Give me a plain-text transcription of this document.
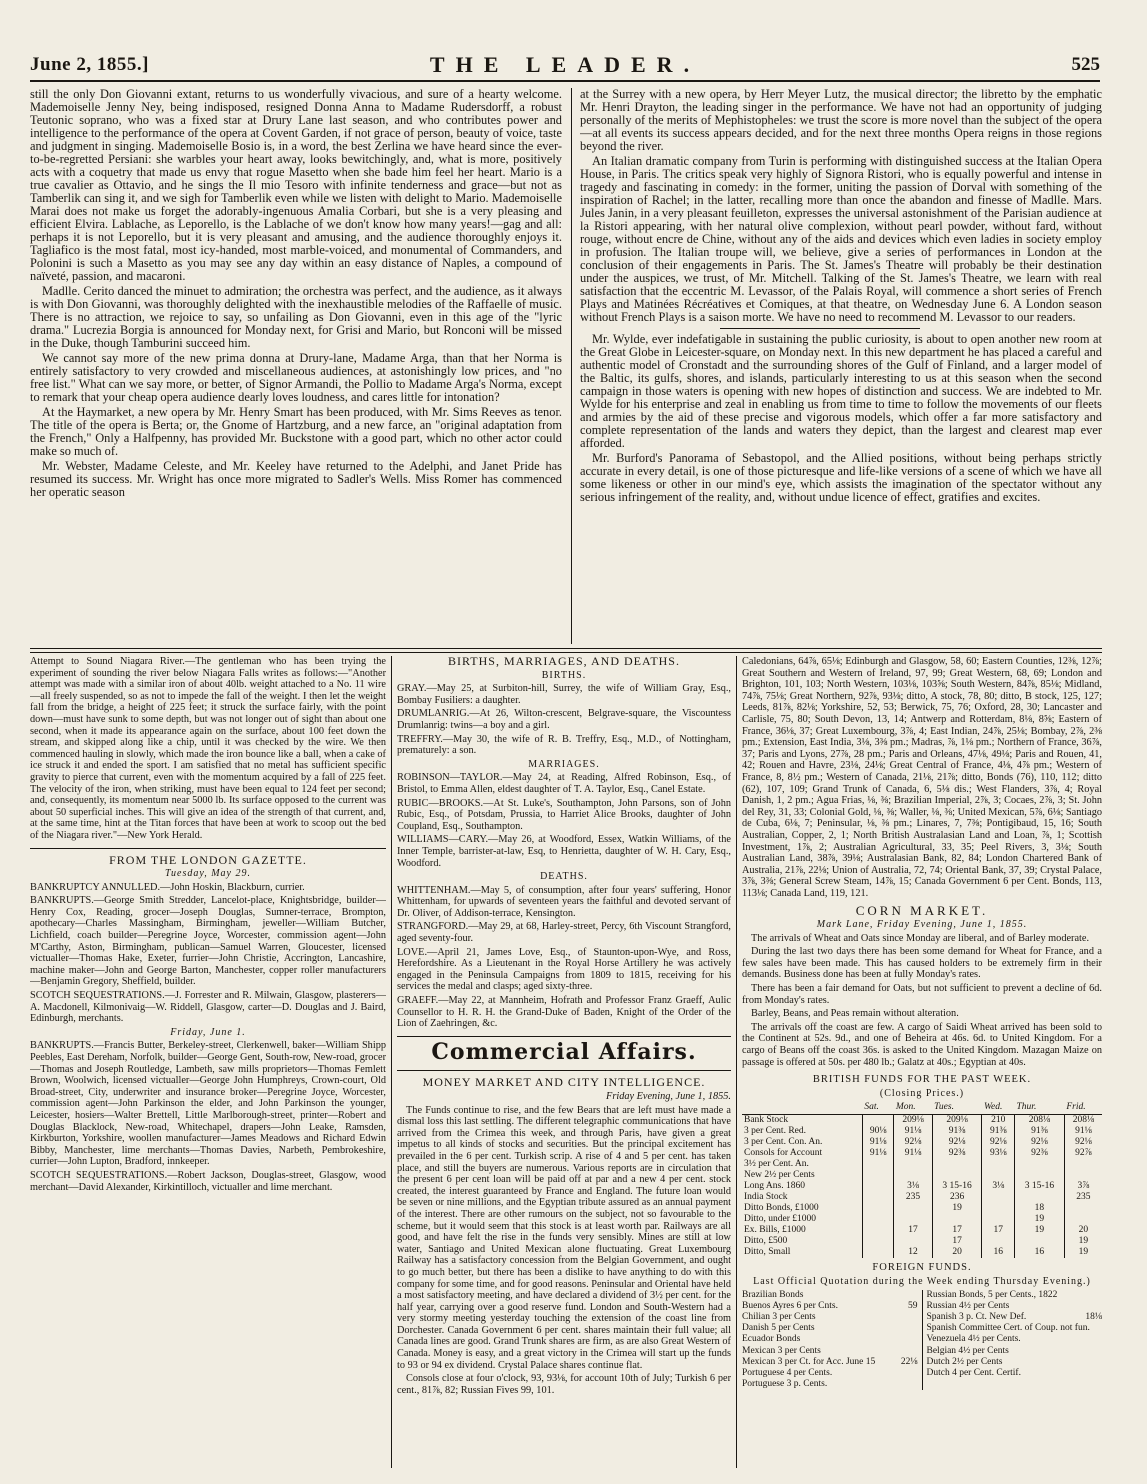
June 2, 1855.]	THE LEADER.	525

still the only Don Giovanni extant, returns to us wonderfully vivacious, and sure of a hearty welcome. Mademoiselle Jenny Ney, being indisposed, resigned Donna Anna to Madame Rudersdorff, a robust Teutonic soprano, who was a fixed star at Drury Lane last season, and who contributes power and intelligence to the performance of the opera at Covent Garden, if not grace of person, beauty of voice, taste and judgment in singing. Mademoiselle Bosio is, in a word, the best Zerlina we have heard since the ever-to-be-regretted Persiani: she warbles your heart away, looks bewitchingly, and, what is more, positively acts with a coquetry that made us envy that rogue Masetto when she bade him feel her heart. Mario is a true cavalier as Ottavio, and he sings the Il mio Tesoro with infinite tenderness and grace—but not as Tamberlik can sing it, and we sigh for Tamberlik even while we listen with delight to Mario. Mademoiselle Marai does not make us forget the adorably-ingenuous Amalia Corbari, but she is a very pleasing and efficient Elvira. Lablache, as Leporello, is the Lablache of we don't know how many years!—gag and all: perhaps it is not Leporello, but it is very pleasant and amusing, and the audience thoroughly enjoys it. Tagliafico is the most fatal, most icy-handed, most marble-voiced, and monumental of Commanders, and Polonini is such a Masetto as you may see any day within an easy distance of Naples, a compound of naïveté, passion, and macaroni.

Madlle. Cerito danced the minuet to admiration; the orchestra was perfect, and the audience, as it always is with Don Giovanni, was thoroughly delighted with the inexhaustible melodies of the Raffaelle of music. There is no attraction, we rejoice to say, so unfailing as Don Giovanni, even in this age of the "lyric drama." Lucrezia Borgia is announced for Monday next, for Grisi and Mario, but Ronconi will be missed in the Duke, though Tamburini succeed him.

We cannot say more of the new prima donna at Drury-lane, Madame Arga, than that her Norma is entirely satisfactory to very crowded and miscellaneous audiences, at astonishingly low prices, and "no free list." What can we say more, or better, of Signor Armandi, the Pollio to Madame Arga's Norma, except to remark that your cheap opera audience dearly loves loudness, and cares little for intonation?

At the Haymarket, a new opera by Mr. Henry Smart has been produced, with Mr. Sims Reeves as tenor. The title of the opera is Berta; or, the Gnome of Hartzburg, and a new farce, an "original adaptation from the French," Only a Halfpenny, has provided Mr. Buckstone with a good part, which no other actor could make so much of.

Mr. Webster, Madame Celeste, and Mr. Keeley have returned to the Adelphi, and Janet Pride has resumed its success. Mr. Wright has once more migrated to Sadler's Wells. Miss Romer has commenced her operatic season

at the Surrey with a new opera, by Herr Meyer Lutz, the musical director; the libretto by the emphatic Mr. Henri Drayton, the leading singer in the performance. We have not had an opportunity of judging personally of the merits of Mephistopheles: we trust the score is more novel than the subject of the opera—at all events its success appears decided, and for the next three months Opera reigns in those regions beyond the river.

An Italian dramatic company from Turin is performing with distinguished success at the Italian Opera House, in Paris. The critics speak very highly of Signora Ristori, who is equally powerful and intense in tragedy and fascinating in comedy: in the former, uniting the passion of Dorval with something of the inspiration of Rachel; in the latter, recalling more than once the abandon and finesse of Madlle. Mars. Jules Janin, in a very pleasant feuilleton, expresses the universal astonishment of the Parisian audience at la Ristori appearing, with her natural olive complexion, without pearl powder, without fard, without rouge, without encre de Chine, without any of the aids and devices which even ladies in society employ in profusion. The Italian troupe will, we believe, give a series of performances in London at the conclusion of their engagements in Paris. The St. James's Theatre will probably be their destination under the auspices, we trust, of Mr. Mitchell. Talking of the St. James's Theatre, we learn with real satisfaction that the eccentric M. Levassor, of the Palais Royal, will commence a short series of French Plays and Matinées Récréatives et Comiques, at that theatre, on Wednesday June 6. A London season without French Plays is a saison morte. We have no need to recommend M. Levassor to our readers.

Mr. Wylde, ever indefatigable in sustaining the public curiosity, is about to open another new room at the Great Globe in Leicester-square, on Monday next. In this new department he has placed a careful and authentic model of Cronstadt and the surrounding shores of the Gulf of Finland, and a larger model of the Baltic, its gulfs, shores, and islands, particularly interesting to us at this season when the second campaign in those waters is opening with new hopes of distinction and success. We are indebted to Mr. Wylde for his enterprise and zeal in enabling us from time to time to follow the movements of our fleets and armies by the aid of these precise and vigorous models, which offer a far more satisfactory and complete representation of the lands and waters they depict, than the largest and clearest map ever afforded.

Mr. Burford's Panorama of Sebastopol, and the Allied positions, without being perhaps strictly accurate in every detail, is one of those picturesque and life-like versions of a scene of which we have all some likeness or other in our mind's eye, which assists the imagination of the spectator without any serious infringement of the reality, and, without undue licence of effect, gratifies and excites.

Attempt to Sound Niagara River.—The gentleman who has been trying the experiment of sounding the river below Niagara Falls writes as follows:—"Another attempt was made with a similar iron of about 40lb. weight attached to a No. 11 wire—all freely suspended, so as not to impede the fall of the weight. I then let the weight fall from the bridge, a height of 225 feet; it struck the surface fairly, with the point down—must have sunk to some depth, but was not longer out of sight than about one second, when it made its appearance again on the surface, about 100 feet down the stream, and skipped along like a chip, until it was checked by the wire. We then commenced hauling in slowly, which made the iron bounce like a ball, when a cake of ice struck it and ended the sport. I am satisfied that no metal has sufficient specific gravity to pierce that current, even with the momentum acquired by a fall of 225 feet. The velocity of the iron, when striking, must have been equal to 124 feet per second; and, consequently, its momentum near 5000 lb. Its surface opposed to the current was about 50 superficial inches. This will give an idea of the strength of that current, and, at the same time, hint at the Titan forces that have been at work to scoop out the bed of the Niagara river."—New York Herald.

FROM THE LONDON GAZETTE.

Tuesday, May 29.

BANKRUPTCY ANNULLED.—John Hoskin, Blackburn, currier.

BANKRUPTS.—George Smith Stredder, Lancelot-place, Knightsbridge, builder—Henry Cox, Reading, grocer—Joseph Douglas, Sumner-terrace, Brompton, apothecary—Charles Massingham, Birmingham, jeweller—William Butcher, Lichfield, coach builder—Peregrine Joyce, Worcester, commission agent—John M'Carthy, Aston, Birmingham, publican—Samuel Warren, Gloucester, licensed victualler—Thomas Hake, Exeter, furrier—John Christie, Accrington, Lancashire, machine maker—John and George Barton, Manchester, copper roller manufacturers—Benjamin Gregory, Sheffield, builder.

SCOTCH SEQUESTRATIONS.—J. Forrester and R. Milwain, Glasgow, plasterers—A. Macdonell, Kilmonivaig—W. Riddell, Glasgow, carter—D. Douglas and J. Baird, Edinburgh, merchants.

Friday, June 1.

BANKRUPTS.—Francis Butter, Berkeley-street, Clerkenwell, baker—William Shipp Peebles, East Dereham, Norfolk, builder—George Gent, South-row, New-road, grocer—Thomas and Joseph Routledge, Lambeth, saw mills proprietors—Thomas Femlett Brown, Woolwich, licensed victualler—George John Humphreys, Crown-court, Old Broad-street, City, underwriter and insurance broker—Peregrine Joyce, Worcester, commission agent—John Parkinson the elder, and John Parkinson the younger, Leicester, hosiers—Walter Brettell, Little Marlborough-street, printer—Robert and Douglas Blacklock, New-road, Whitechapel, drapers—John Leake, Ramsden, Kirkburton, Yorkshire, woollen manufacturer—James Meadows and Richard Edwin Bibby, Manchester, lime merchants—Thomas Davies, Narbeth, Pembrokeshire, currier—John Lupton, Bradford, innkeeper.

SCOTCH SEQUESTRATIONS.—Robert Jackson, Douglas-street, Glasgow, wood merchant—David Alexander, Kirkintilloch, victualler and lime merchant.

BIRTHS, MARRIAGES, AND DEATHS.

BIRTHS.

GRAY.—May 25, at Surbiton-hill, Surrey, the wife of William Gray, Esq., Bombay Fusiliers: a daughter.

DRUMLANRIG.—At 26, Wilton-crescent, Belgrave-square, the Viscountess Drumlanrig: twins—a boy and a girl.

TREFFRY.—May 30, the wife of R. B. Treffry, Esq., M.D., of Nottingham, prematurely: a son.

MARRIAGES.

ROBINSON—TAYLOR.—May 24, at Reading, Alfred Robinson, Esq., of Bristol, to Emma Allen, eldest daughter of T. A. Taylor, Esq., Canel Estate.

RUBIC—BROOKS.—At St. Luke's, Southampton, John Parsons, son of John Rubic, Esq., of Potsdam, Prussia, to Harriet Alice Brooks, daughter of John Coupland, Esq., Southampton.

WILLIAMS—CARY.—May 26, at Woodford, Essex, Watkin Williams, of the Inner Temple, barrister-at-law, Esq, to Henrietta, daughter of W. H. Cary, Esq., Woodford.

DEATHS.

WHITTENHAM.—May 5, of consumption, after four years' suffering, Honor Whittenham, for upwards of seventeen years the faithful and devoted servant of Dr. Oliver, of Addison-terrace, Kensington.

STRANGFORD.—May 29, at 68, Harley-street, Percy, 6th Viscount Strangford, aged seventy-four.

LOVE.—April 21, James Love, Esq., of Staunton-upon-Wye, and Ross, Herefordshire. As a Lieutenant in the Royal Horse Artillery he was actively engaged in the Peninsula Campaigns from 1809 to 1815, receiving for his services the medal and clasps; aged sixty-three.

GRAEFF.—May 22, at Mannheim, Hofrath and Professor Franz Graeff, Aulic Counsellor to H. R. H. the Grand-Duke of Baden, Knight of the Order of the Lion of Zaehringen, &c.

Commercial Affairs.

MONEY MARKET AND CITY INTELLIGENCE.

Friday Evening, June 1, 1855.

The Funds continue to rise, and the few Bears that are left must have made a dismal loss this last settling. The different telegraphic communications that have arrived from the Crimea this week, and through Paris, have given a great impetus to all kinds of stocks and securities. But the principal excitement has prevailed in the 6 per cent. Turkish scrip. A rise of 4 and 5 per cent. has taken place, and still the buyers are numerous. Various reports are in circulation that the present 6 per cent loan will be paid off at par and a new 4 per cent. stock created, the interest guaranteed by France and England. The future loan would be seven or nine millions, and the Egyptian tribute assured as an annual payment of the interest. There are other rumours on the subject, not so favourable to the scheme, but it would seem that this stock is at least worth par. Railways are all good, and have felt the rise in the funds very sensibly. Mines are still at low water, Santiago and United Mexican alone fluctuating. Great Luxembourg Railway has a satisfactory concession from the Belgian Government, and ought to go much better, but there has been a dislike to have anything to do with this company for some time, and for good reasons. Peninsular and Oriental have held a most satisfactory meeting, and have declared a dividend of 3½ per cent. for the half year, carrying over a good reserve fund. London and South-Western had a very stormy meeting yesterday touching the extension of the coast line from Dorchester. Canada Government 6 per cent. shares maintain their full value; all Canada lines are good. Grand Trunk shares are firm, as are also Great Western of Canada. Money is easy, and a great victory in the Crimea will start up the funds to 93 or 94 ex dividend. Crystal Palace shares continue flat.

Consols close at four o'clock, 93, 93⅛, for account 10th of July; Turkish 6 per cent., 81⅞, 82; Russian Fives 99, 101.

Caledonians, 64⅞, 65⅛; Edinburgh and Glasgow, 58, 60; Eastern Counties, 12⅜, 12⅞; Great Southern and Western of Ireland, 97, 99; Great Western, 68, 69; London and Brighton, 101, 103; North Western, 103⅛, 103⅝; South Western, 84⅞, 85⅛; Midland, 74⅞, 75⅛; Great Northern, 92⅞, 93⅛; ditto, A stock, 78, 80; ditto, B stock, 125, 127; Leeds, 81⅞, 82⅛; Yorkshire, 52, 53; Berwick, 75, 76; Oxford, 28, 30; Lancaster and Carlisle, 75, 80; South Devon, 13, 14; Antwerp and Rotterdam, 8⅛, 8⅝; Eastern of France, 36⅛, 37; Great Luxembourg, 3⅞, 4; East Indian, 24⅞, 25⅛; Bombay, 2⅞, 2⅜ pm.; Extension, East India, 3⅛, 3⅜ pm.; Madras, ⅞, 1⅛ pm.; Northern of France, 36⅞, 37; Paris and Lyons, 27⅞, 28 pm.; Paris and Orleans, 47⅛, 49⅛; Paris and Rouen, 41, 42; Rouen and Havre, 23⅛, 24⅛; Great Central of France, 4⅛, 4⅞ pm.; Western of France, 8, 8½ pm.; Western of Canada, 21⅛, 21⅞; ditto, Bonds (76), 110, 112; ditto (62), 107, 109; Grand Trunk of Canada, 6, 5⅛ dis.; West Flanders, 3⅞, 4; Royal Danish, 1, 2 pm.; Agua Frias, ⅛, ⅜; Brazilian Imperial, 2⅞, 3; Cocaes, 2⅞, 3; St. John del Rey, 31, 33; Colonial Gold, ⅛, ⅜; Waller, ⅛, ⅜; United Mexican, 5⅞, 6⅛; Santiago de Cuba, 6⅛, 7; Peninsular, ⅛, ⅜ pm.; Linares, 7, 7⅜; Pontigibaud, 15, 16; South Australian, Copper, 2, 1; North British Australasian Land and Loan, ⅞, 1; Scottish Investment, 1⅞, 2; Australian Agricultural, 33, 35; Peel Rivers, 3, 3⅛; South Australian Land, 38⅞, 39⅛; Australasian Bank, 82, 84; London Chartered Bank of Australia, 21⅞, 22⅛; Union of Australia, 72, 74; Oriental Bank, 37, 39; Crystal Palace, 3⅞, 3⅜; General Screw Steam, 14⅞, 15; Canada Government 6 per Cent. Bonds, 113, 113⅛; Canada Land, 119, 121.

CORN MARKET.

Mark Lane, Friday Evening, June 1, 1855.

The arrivals of Wheat and Oats since Monday are liberal, and of Barley moderate.

During the last two days there has been some demand for Wheat for France, and a few sales have been made. This has caused holders to be extremely firm in their demands. Business done has been at fully Monday's rates.

There has been a fair demand for Oats, but not sufficient to prevent a decline of 6d. from Monday's rates.

Barley, Beans, and Peas remain without alteration.

The arrivals off the coast are few. A cargo of Saidi Wheat arrived has been sold to the Continent at 52s. 9d., and one of Beheira at 46s. 6d. to United Kingdom. For a cargo of Beans off the coast 36s. is asked to the United Kingdom. Mazagan Maize on passage is offered at 50s. per 480 lb.; Galatz at 40s.; Egyptian at 40s.

BRITISH FUNDS FOR THE PAST WEEK.

(Closing Prices.)

	Sat.	Mon.	Tues.	Wed.	Thur.	Frid.
Bank Stock		209⅛	209⅛	210	208⅛	208⅛
3 per Cent. Red.	90⅛	91⅛	91⅜	91⅜	91⅜	91⅛
3 per Cent. Con. An.	91⅛	92⅛	92⅛	92⅛	92⅛	92⅛
Consols for Account	91⅛	91⅛	92⅜	93⅛	92⅜	92⅞
3½ per Cent. An.						
New 2½ per Cents						
Long Ans. 1860		3⅛	3 15-16	3⅛	3 15-16	3⅞
India Stock		235	236			235
Ditto Bonds, £1000			19		18	
Ditto, under £1000					19	
Ex. Bills, £1000		17	17	17	19	20
Ditto, £500			17			19
Ditto, Small		12	20	16	16	19

FOREIGN FUNDS.

Last Official Quotation during the Week ending Thursday Evening.)

Brazilian Bonds
Buenos Ayres 6 per Cnts.	59
Chilian 3 per Cents
Danish 5 per Cents
Ecuador Bonds
Mexican 3 per Cents
Mexican 3 per Ct. for Acc. June 15	22⅛
Portuguese 4 per Cents.
Portuguese 3 p. Cents.
Russian Bonds, 5 per Cents., 1822
Russian 4½ per Cents
Spanish 3 p. Ct. New Def.	18⅛
Spanish Committee Cert. of Coup. not fun.
Venezuela 4½ per Cents.
Belgian 4½ per Cents
Dutch 2½ per Cents
Dutch 4 per Cent. Certif.
